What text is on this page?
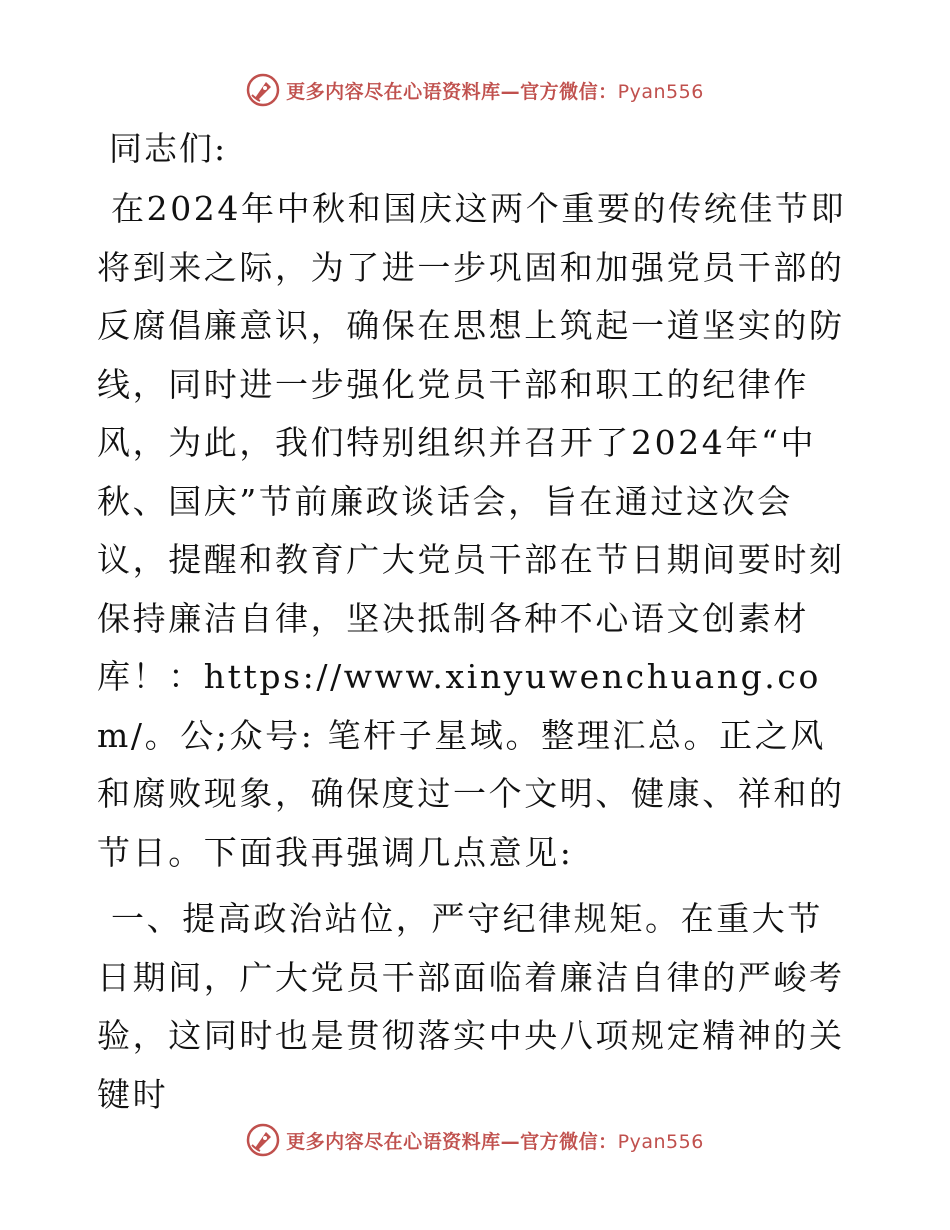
更多内容尽在心语资料库—官方微信：Pyan556

同志们:

在2024年中秋和国庆这两个重要的传统佳节即将到来之际，为了进一步巩固和加强党员干部的反腐倡廉意识，确保在思想上筑起一道坚实的防线，同时进一步强化党员干部和职工的纪律作风，为此，我们特别组织并召开了2024年“中秋、国庆”节前廉政谈话会，旨在通过这次会议，提醒和教育广大党员干部在节日期间要时刻保持廉洁自律，坚决抵制各种不心语文创素材库！：https://www.xinyuwenchuang.com/。公;众号: 笔杆子星域。整理汇总。正之风和腐败现象，确保度过一个文明、健康、祥和的节日。下面我再强调几点意见:

一、提高政治站位，严守纪律规矩。在重大节日期间，广大党员干部面临着廉洁自律的严峻考验，这同时也是贯彻落实中央八项规定精神的关键时

更多内容尽在心语资料库—官方微信：Pyan556
